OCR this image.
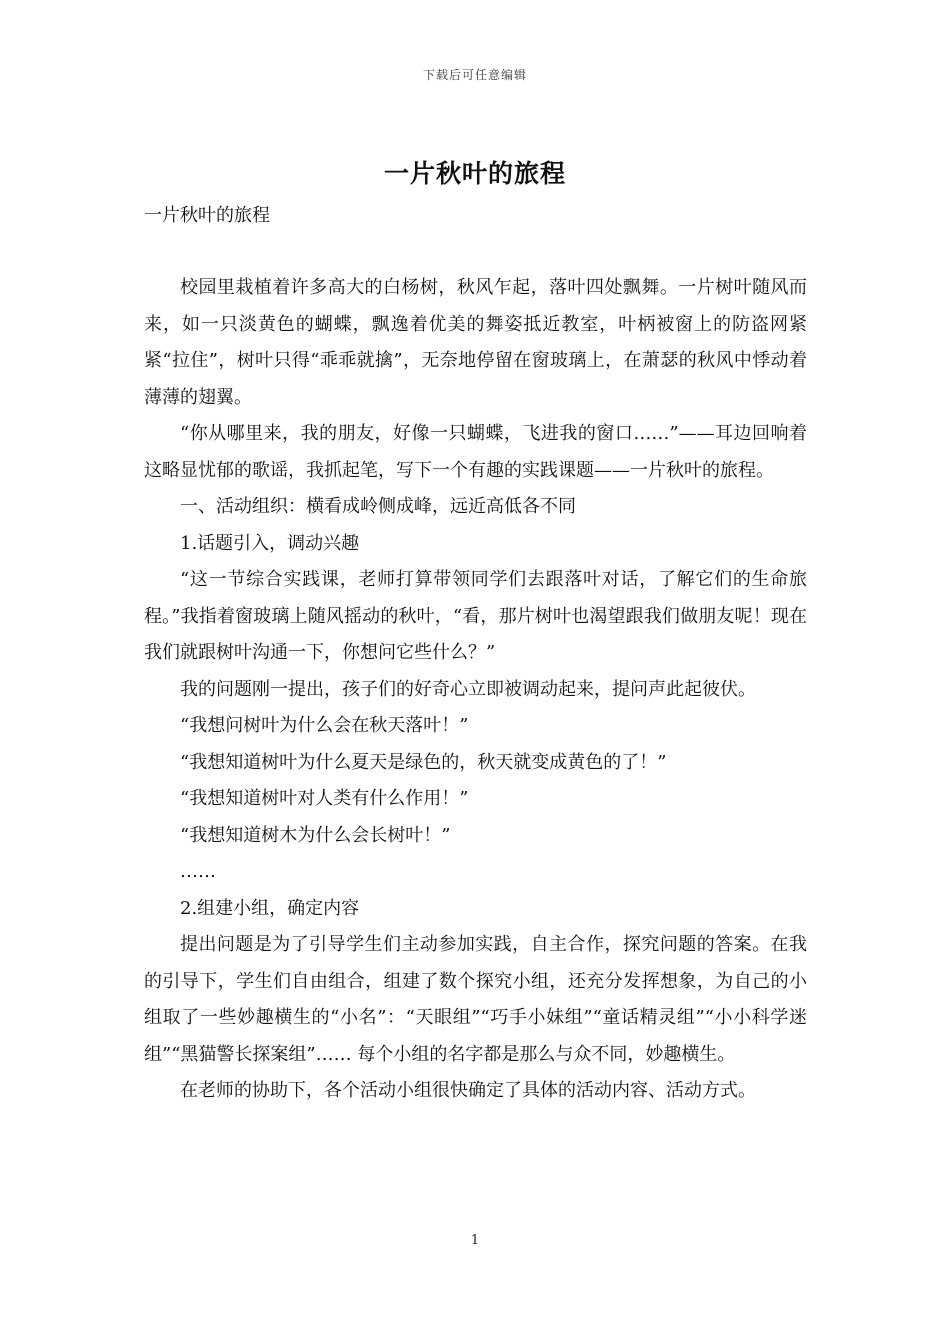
下载后可任意编辑
一片秋叶的旅程

一片秋叶的旅程

校园里栽植着许多高大的白杨树，秋风乍起，落叶四处飘舞。一片树叶随风而来，如一只淡黄色的蝴蝶，飘逸着优美的舞姿抵近教室，叶柄被窗上的防盗网紧紧“拉住”，树叶只得“乖乖就擒”，无奈地停留在窗玻璃上，在萧瑟的秋风中悸动着薄薄的翅翼。

“你从哪里来，我的朋友，好像一只蝴蝶，飞进我的窗口……”——耳边回响着这略显忧郁的歌谣，我抓起笔，写下一个有趣的实践课题——一片秋叶的旅程。

一、活动组织：横看成岭侧成峰，远近高低各不同

1.话题引入，调动兴趣

“这一节综合实践课，老师打算带领同学们去跟落叶对话，了解它们的生命旅程。”我指着窗玻璃上随风摇动的秋叶，“看，那片树叶也渴望跟我们做朋友呢！现在我们就跟树叶沟通一下，你想问它些什么？”

我的问题刚一提出，孩子们的好奇心立即被调动起来，提问声此起彼伏。

“我想问树叶为什么会在秋天落叶！”

“我想知道树叶为什么夏天是绿色的，秋天就变成黄色的了！”

“我想知道树叶对人类有什么作用！”

“我想知道树木为什么会长树叶！”

……

2.组建小组，确定内容

提出问题是为了引导学生们主动参加实践，自主合作，探究问题的答案。在我的引导下，学生们自由组合，组建了数个探究小组，还充分发挥想象，为自己的小组取了一些妙趣横生的“小名”：“天眼组”“巧手小妹组”“童话精灵组”“小小科学迷组”“黑猫警长探案组”…… 每个小组的名字都是那么与众不同，妙趣横生。

在老师的协助下，各个活动小组很快确定了具体的活动内容、活动方式。

1
